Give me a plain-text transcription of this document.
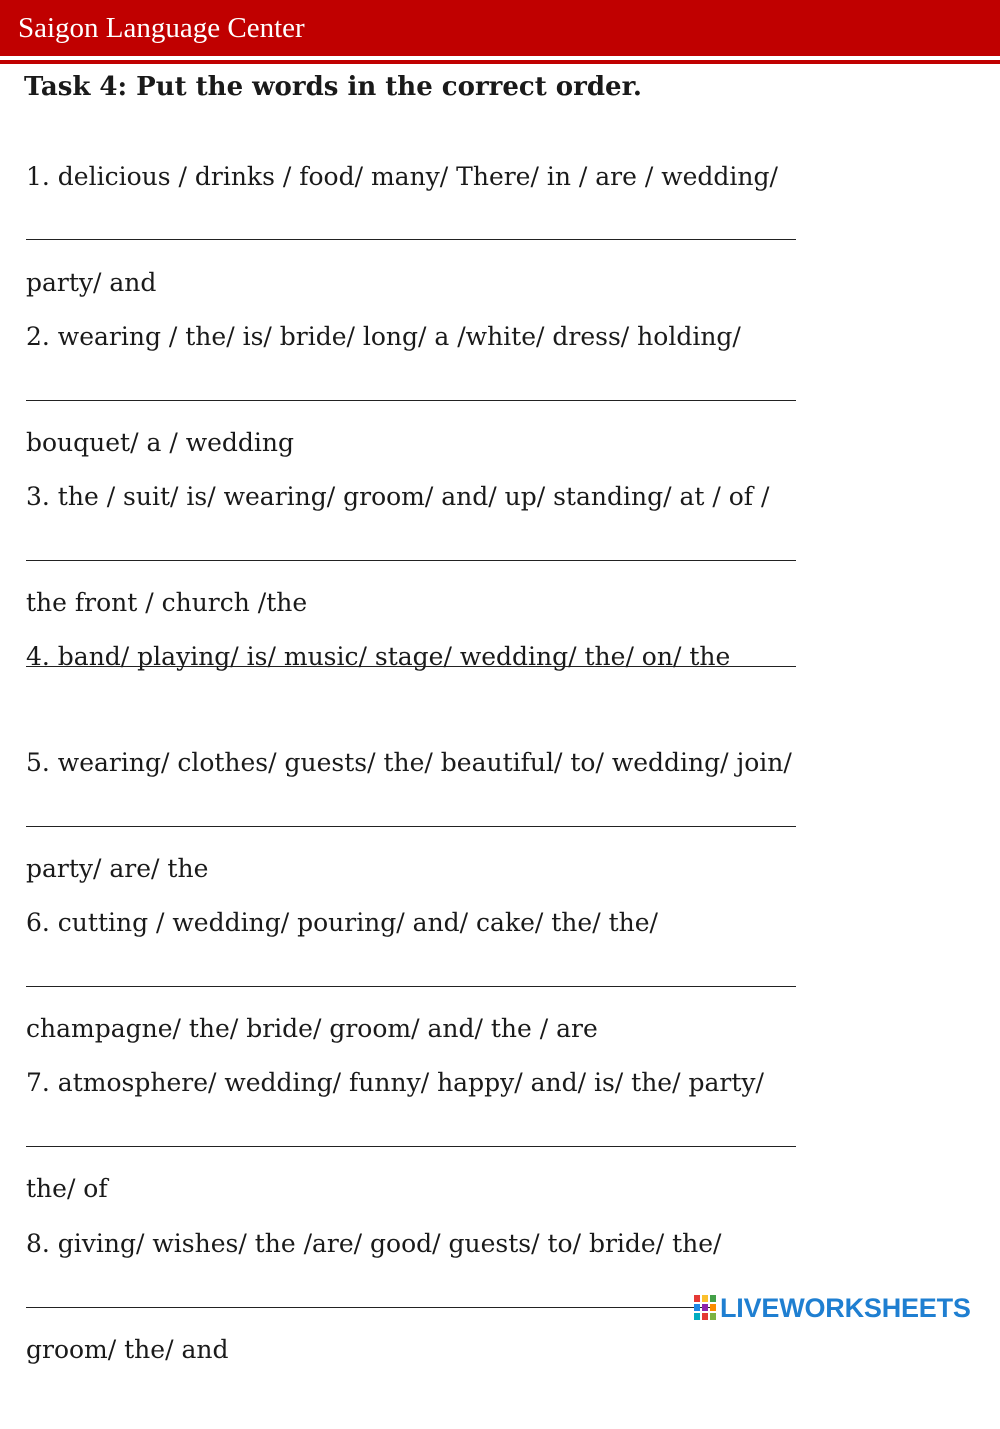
Saigon Language Center
Task 4: Put the words in the correct order.

1. delicious / drinks / food/ many/ There/ in / are / wedding/

party/ and

2. wearing / the/ is/ bride/ long/ a /white/ dress/ holding/

bouquet/ a / wedding

3. the / suit/ is/ wearing/ groom/ and/ up/ standing/ at / of /

the front / church /the

4. band/ playing/ is/ music/ stage/ wedding/ the/ on/ the

5. wearing/ clothes/ guests/ the/ beautiful/ to/ wedding/ join/

party/ are/ the

6. cutting / wedding/ pouring/ and/ cake/ the/ the/

champagne/ the/ bride/ groom/ and/ the / are

7. atmosphere/ wedding/ funny/ happy/ and/ is/ the/ party/

the/ of

8. giving/ wishes/ the /are/ good/ guests/ to/ bride/ the/

groom/ the/ and

LIVEWORKSHEETS
